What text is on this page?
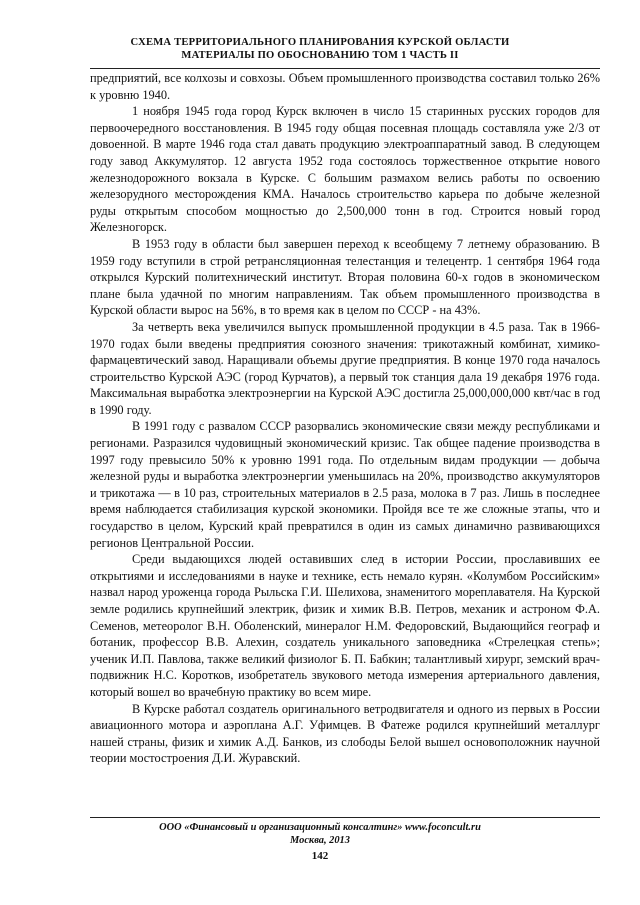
СХЕМА ТЕРРИТОРИАЛЬНОГО ПЛАНИРОВАНИЯ КУРСКОЙ ОБЛАСТИ
МАТЕРИАЛЫ ПО ОБОСНОВАНИЮ ТОМ 1 ЧАСТЬ II

предприятий, все колхозы и совхозы. Объем промышленного производства составил только 26% к уровню 1940.

1 ноября 1945 года город Курск включен в число 15 старинных русских городов для первоочередного восстановления. В 1945 году общая посевная площадь составляла уже 2/3 от довоенной. В марте 1946 года стал давать продукцию электроаппаратный завод. В следующем году завод Аккумулятор. 12 августа 1952 года состоялось торжественное открытие нового железнодорожного вокзала в Курске. С большим размахом велись работы по освоению железорудного месторождения КМА. Началось строительство карьера по добыче железной руды открытым способом мощностью до 2,500,000 тонн в год. Строится новый город Железногорск.

В 1953 году в области был завершен переход к всеобщему 7 летнему образованию. В 1959 году вступили в строй ретрансляционная телестанция и телецентр. 1 сентября 1964 года открылся Курский политехнический институт. Вторая половина 60-х годов в экономическом плане была удачной по многим направлениям. Так объем промышленного производства в Курской области вырос на 56%, в то время как в целом по СССР - на 43%.

За четверть века увеличился выпуск промышленной продукции в 4.5 раза. Так в 1966-1970 годах были введены предприятия союзного значения: трикотажный комбинат, химико-фармацевтический завод. Наращивали объемы другие предприятия. В конце 1970 года началось строительство Курской АЭС (город Курчатов), а первый ток станция дала 19 декабря 1976 года. Максимальная выработка электроэнергии на Курской АЭС достигла 25,000,000,000 квт/час в год в 1990 году.

В 1991 году с развалом СССР разорвались экономические связи между республиками и регионами. Разразился чудовищный экономический кризис. Так общее падение производства в 1997 году превысило 50% к уровню 1991 года. По отдельным видам продукции — добыча железной руды и выработка электроэнергии уменьшилась на 20%, производство аккумуляторов и трикотажа — в 10 раз, строительных материалов в 2.5 раза, молока в 7 раз. Лишь в последнее время наблюдается стабилизация курской экономики. Пройдя все те же сложные этапы, что и государство в целом, Курский край превратился в один из самых динамично развивающихся регионов Центральной России.

Среди выдающихся людей оставивших след в истории России, прославивших ее открытиями и исследованиями в науке и технике, есть немало курян. «Колумбом Российским» назвал народ уроженца города Рыльска Г.И. Шелихова, знаменитого мореплавателя. На Курской земле родились крупнейший электрик, физик и химик В.В. Петров, механик и астроном Ф.А. Семенов, метеоролог В.Н. Оболенский, минералог Н.М. Федоровский, Выдающийся географ и ботаник, профессор В.В. Алехин, создатель уникального заповедника «Стрелецкая степь»; ученик И.П. Павлова, также великий физиолог Б. П. Бабкин; талантливый хирург, земский врач-подвижник Н.С. Коротков, изобретатель звукового метода измерения артериального давления, который вошел во врачебную практику во всем мире.

В Курске работал создатель оригинального ветродвигателя и одного из первых в России авиационного мотора и аэроплана А.Г. Уфимцев. В Фатеже родился крупнейший металлург нашей страны, физик и химик А.Д. Банков, из слободы Белой вышел основоположник научной теории мостостроения Д.И. Журавский.

ООО «Финансовый и организационный консалтинг» www.foconcult.ru
Москва, 2013
142
